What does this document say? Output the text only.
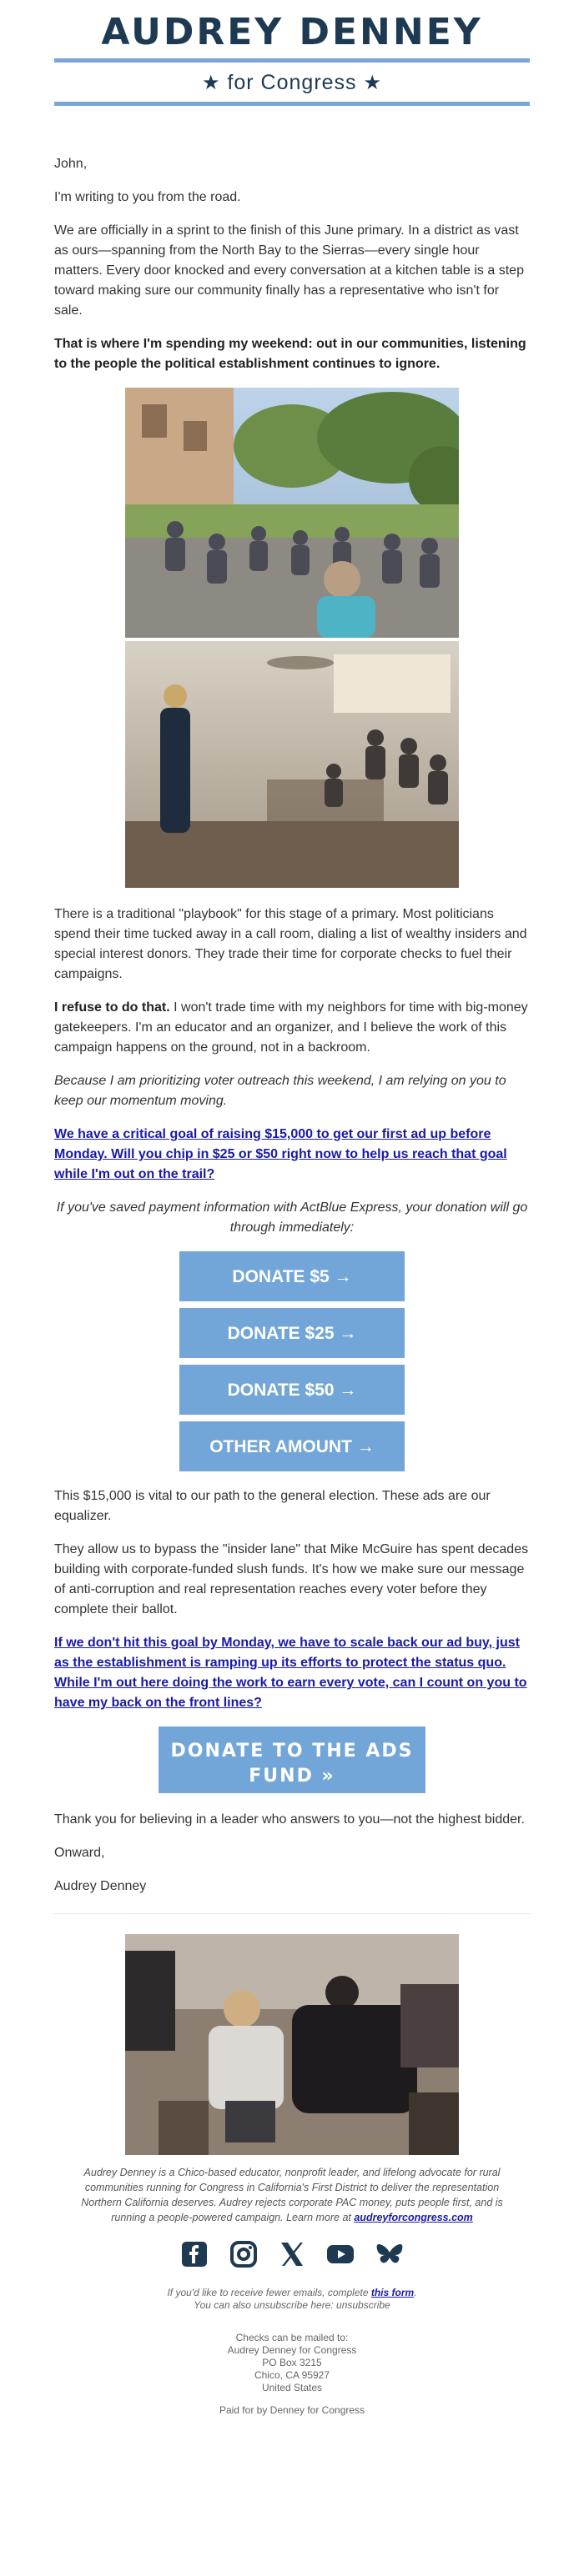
AUDREY DENNEY
★ for Congress ★

John,

I'm writing to you from the road.

We are officially in a sprint to the finish of this June primary. In a district as vast as ours—spanning from the North Bay to the Sierras—every single hour matters. Every door knocked and every conversation at a kitchen table is a step toward making sure our community finally has a representative who isn't for sale.

That is where I'm spending my weekend: out in our communities, listening to the people the political establishment continues to ignore.

There is a traditional "playbook" for this stage of a primary. Most politicians spend their time tucked away in a call room, dialing a list of wealthy insiders and special interest donors. They trade their time for corporate checks to fuel their campaigns.

I refuse to do that. I won't trade time with my neighbors for time with big-money gatekeepers. I'm an educator and an organizer, and I believe the work of this campaign happens on the ground, not in a backroom.

Because I am prioritizing voter outreach this weekend, I am relying on you to keep our momentum moving.

We have a critical goal of raising $15,000 to get our first ad up before Monday. Will you chip in $25 or $50 right now to help us reach that goal while I'm out on the trail?

If you've saved payment information with ActBlue Express, your donation will go through immediately:

DONATE $5 →
DONATE $25 →
DONATE $50 →
OTHER AMOUNT →

This $15,000 is vital to our path to the general election. These ads are our equalizer.

They allow us to bypass the "insider lane" that Mike McGuire has spent decades building with corporate-funded slush funds. It's how we make sure our message of anti-corruption and real representation reaches every voter before they complete their ballot.

If we don't hit this goal by Monday, we have to scale back our ad buy, just as the establishment is ramping up its efforts to protect the status quo. While I'm out here doing the work to earn every vote, can I count on you to have my back on the front lines?

DONATE TO THE ADS
FUND »

Thank you for believing in a leader who answers to you—not the highest bidder.

Onward,

Audrey Denney

Audrey Denney is a Chico-based educator, nonprofit leader, and lifelong advocate for rural communities running for Congress in California's First District to deliver the representation Northern California deserves. Audrey rejects corporate PAC money, puts people first, and is running a people-powered campaign. Learn more at audreyforcongress.com

If you'd like to receive fewer emails, complete this form.
You can also unsubscribe here: unsubscribe
Checks can be mailed to:
Audrey Denney for Congress
PO Box 3215
Chico, CA 95927
United States
Paid for by Denney for Congress
